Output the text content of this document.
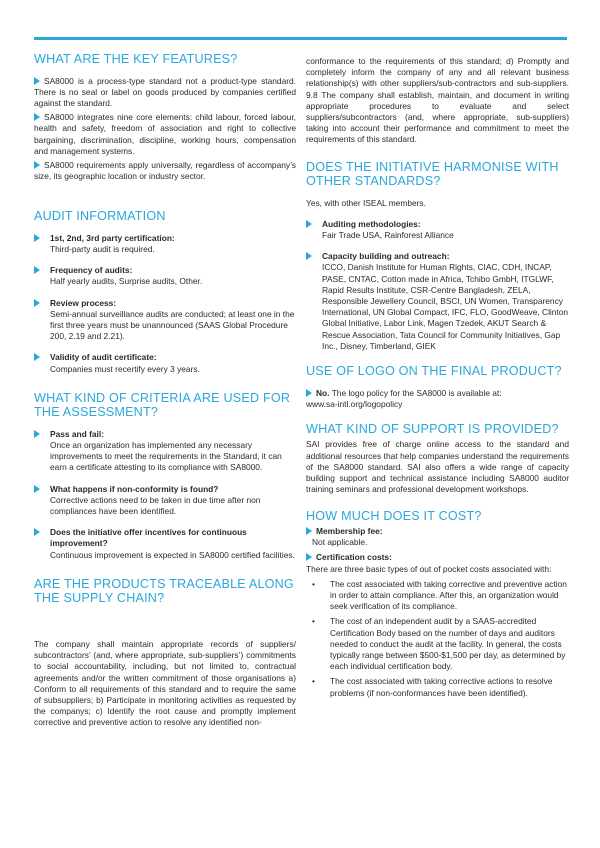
WHAT ARE THE KEY FEATURES?

SA8000 is a process-type standard not a product-type standard. There is no seal or label on goods produced by companies certified against the standard.

SA8000 integrates nine core elements: child labour, forced labour, health and safety, freedom of association and right to collective bargaining, discrimination, discipline, working hours, compensation and management systems.

SA8000 requirements apply universally, regardless of accompany’s size, its geographic location or industry sector.

AUDIT INFORMATION
1st, 2nd, 3rd party certification:
Third-party audit is required.
Frequency of audits:
Half yearly audits, Surprise audits, Other.
Review process:
Semi-annual surveillance audits are conducted; at least one in the first three years must be unannounced (SAAS Global Procedure 200, 2.19 and 2.21).
Validity of audit certificate:
Companies must recertify every 3 years.
WHAT KIND OF CRITERIA ARE USED FOR THE ASSESSMENT?
Pass and fail:
Once an organization has implemented any necessary improvements to meet the requirements in the Standard, it can earn a certificate attesting to its compliance with SA8000.
What happens if non-conformity is found?
Corrective actions need to be taken in due time after non compliances have been identified.
Does the initiative offer incentives for continuous improvement?
Continuous improvement is expected in SA8000 certified facilities.
ARE THE PRODUCTS TRACEABLE ALONG THE SUPPLY CHAIN?

The company shall maintain appropriate records of suppliers/ subcontractors’ (and, where appropriate, sub-suppliers’) commitments to social accountability, including, but not limited to, contractual agreements and/or the written commitment of those organisations a) Conform to all requirements of this standard and to require the same of subsuppliers; b) Participate in monitoring activities as requested by the companys; c) Identify the root cause and promptly implement corrective and preventive action to resolve any identified non-

conformance to the requirements of this standard; d) Promptly and completely inform the company of any and all relevant business relationship(s) with other suppliers/sub-contractors and sub-suppliers. 9.8 The company shall establish, maintain, and document in writing appropriate procedures to evaluate and select suppliers/subcontractors (and, where appropriate, sub-suppliers) taking into account their performance and commitment to meet the requirements of this standard.

DOES THE INITIATIVE HARMONISE WITH OTHER STANDARDS?

Yes, with other ISEAL members.

Auditing methodologies:
Fair Trade USA, Rainforest Alliance
Capacity building and outreach:
ICCO, Danish Institute for Human Rights, CIAC, CDH, INCAP, PASE, CNTAC, Cotton made in Africa, Tchibo GmbH, ITGLWF, Rapid Results Institute, CSR-Centre Bangladesh, ZELA, Responsible Jewellery Council, BSCI, UN Women, Transparency International, UN Global Compact, IFC, FLO, GoodWeave, Clinton Global Initiative, Labor Link, Magen Tzedek, AKUT Search & Rescue Association, Tata Council for Community Initiatives, Gap Inc., Disney, Timberland, GIEK
USE OF LOGO ON THE FINAL PRODUCT?

No. The logo policy for the SA8000 is available at:

www.sa-intl.org/logopolicy

WHAT KIND OF SUPPORT IS PROVIDED?

SAI provides free of charge online access to the standard and additional resources that help companies understand the requirements of the SA8000 standard. SAI also offers a wide range of capacity building support and technical assistance including SA8000 auditor training seminars and professional development workshops.

HOW MUCH DOES IT COST?

Membership fee:

Not applicable.

Certification costs:

There are three basic types of out of pocket costs associated with:

• The cost associated with taking corrective and preventive action in order to attain compliance. After this, an organization would seek verification of its compliance.
• The cost of an independent audit by a SAAS-accredited Certification Body based on the number of days and auditors needed to conduct the audit at the facility. In general, the costs typically range between $500-$1,500 per day, as determined by each individual certification body.
• The cost associated with taking corrective actions to resolve problems (if non-conformances have been identified).
